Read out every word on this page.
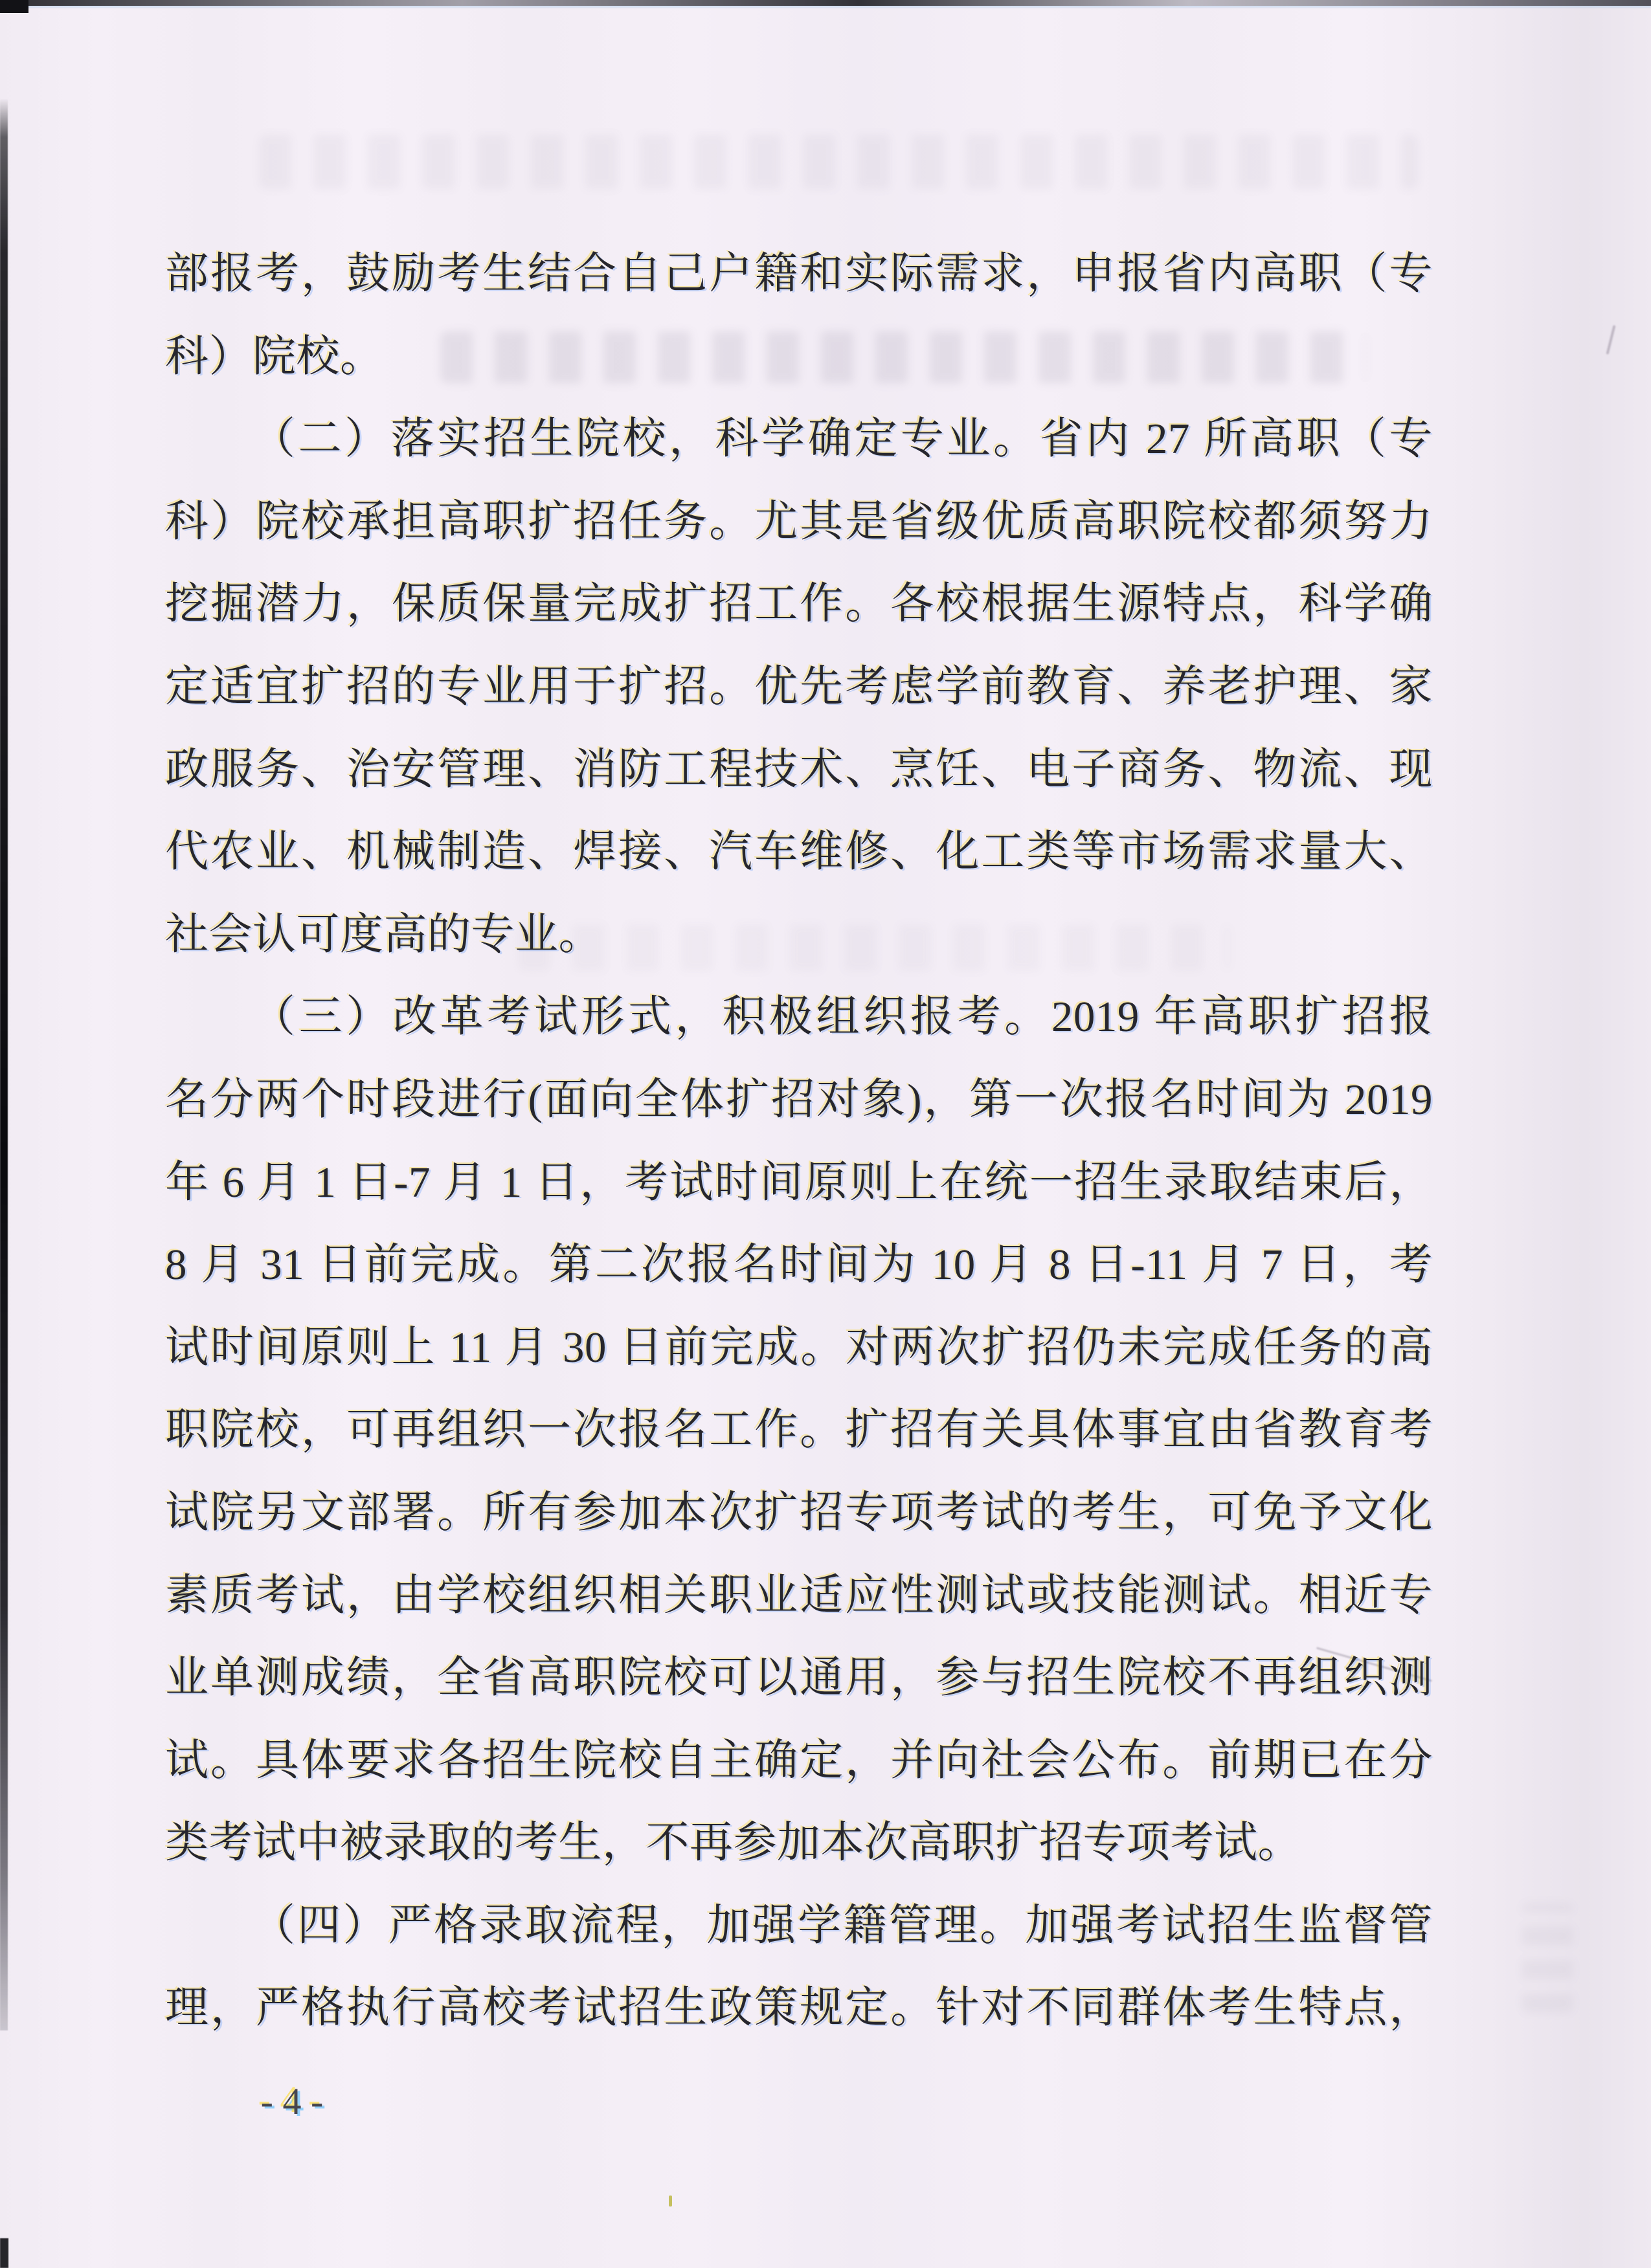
部报考，鼓励考生结合自己户籍和实际需求，申报省内高职（专
科）院校。
（二）落实招生院校，科学确定专业。省内 27 所高职（专
科）院校承担高职扩招任务。尤其是省级优质高职院校都须努力
挖掘潜力，保质保量完成扩招工作。各校根据生源特点，科学确
定适宜扩招的专业用于扩招。优先考虑学前教育、养老护理、家
政服务、治安管理、消防工程技术、烹饪、电子商务、物流、现
代农业、机械制造、焊接、汽车维修、化工类等市场需求量大、
社会认可度高的专业。
（三）改革考试形式，积极组织报考。2019 年高职扩招报
名分两个时段进行(面向全体扩招对象)，第一次报名时间为 2019
年 6 月 1 日-7 月 1 日，考试时间原则上在统一招生录取结束后，
8 月 31 日前完成。第二次报名时间为 10 月 8 日-11 月 7 日，考
试时间原则上 11 月 30 日前完成。对两次扩招仍未完成任务的高
职院校，可再组织一次报名工作。扩招有关具体事宜由省教育考
试院另文部署。所有参加本次扩招专项考试的考生，可免予文化
素质考试，由学校组织相关职业适应性测试或技能测试。相近专
业单测成绩，全省高职院校可以通用，参与招生院校不再组织测
试。具体要求各招生院校自主确定，并向社会公布。前期已在分
类考试中被录取的考生，不再参加本次高职扩招专项考试。
（四）严格录取流程，加强学籍管理。加强考试招生监督管
理，严格执行高校考试招生政策规定。针对不同群体考生特点，
- 4 -
